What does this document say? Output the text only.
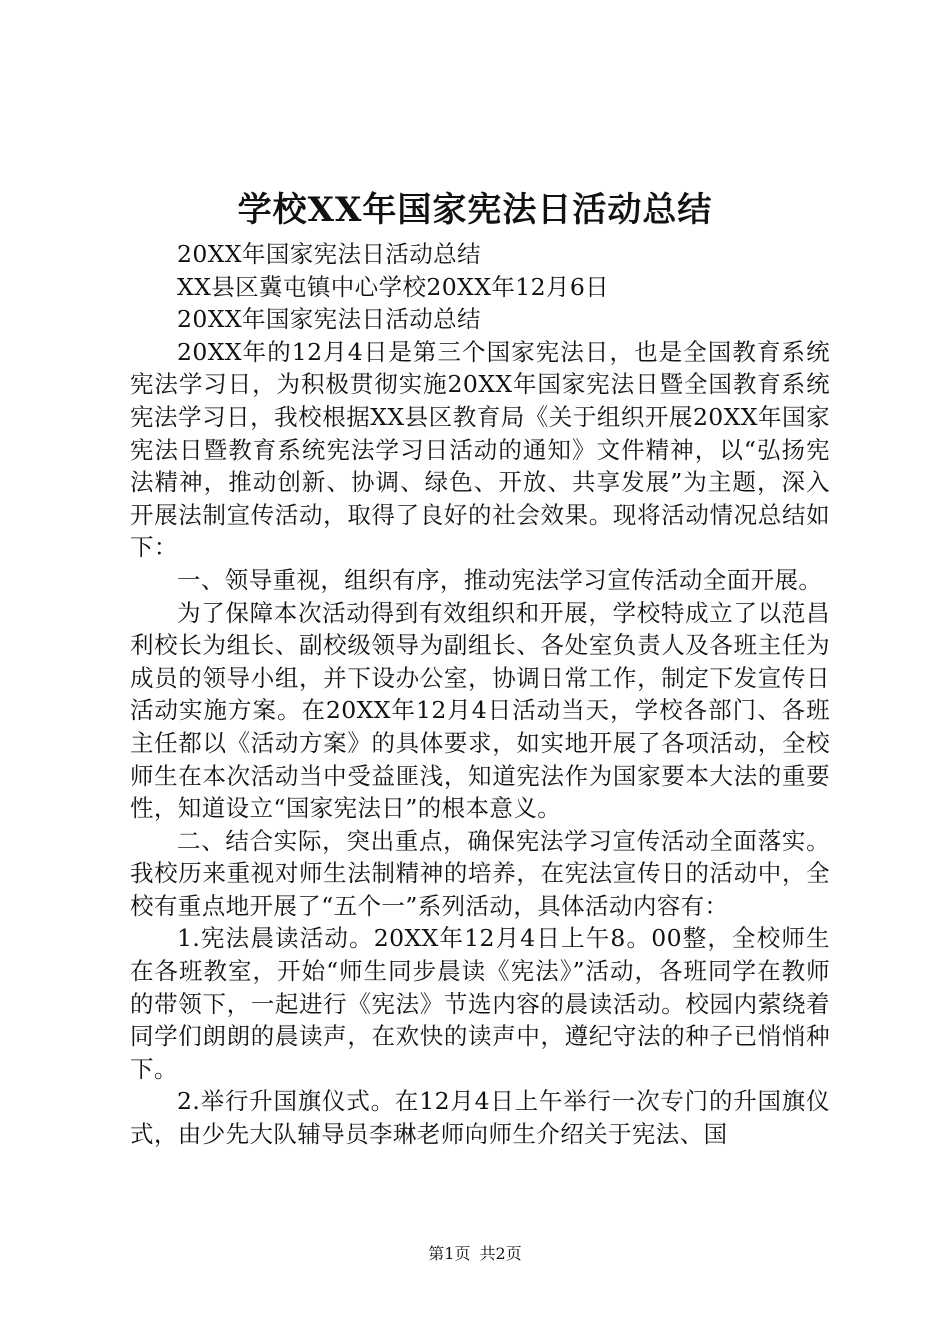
学校XX年国家宪法日活动总结

20XX年国家宪法日活动总结

XX县区冀屯镇中心学校20XX年12月6日

20XX年国家宪法日活动总结

20XX年的12月4日是第三个国家宪法日，也是全国教育系统宪法学习日，为积极贯彻实施20XX年国家宪法日暨全国教育系统宪法学习日，我校根据XX县区教育局《关于组织开展20XX年国家宪法日暨教育系统宪法学习日活动的通知》文件精神，以“弘扬宪法精神，推动创新、协调、绿色、开放、共享发展”为主题，深入开展法制宣传活动，取得了良好的社会效果。现将活动情况总结如下：

一、领导重视，组织有序，推动宪法学习宣传活动全面开展。

为了保障本次活动得到有效组织和开展，学校特成立了以范昌利校长为组长、副校级领导为副组长、各处室负责人及各班主任为成员的领导小组，并下设办公室，协调日常工作，制定下发宣传日活动实施方案。在20XX年12月4日活动当天，学校各部门、各班主任都以《活动方案》的具体要求，如实地开展了各项活动，全校师生在本次活动当中受益匪浅，知道宪法作为国家要本大法的重要性，知道设立“国家宪法日”的根本意义。

二、结合实际，突出重点，确保宪法学习宣传活动全面落实。我校历来重视对师生法制精神的培养，在宪法宣传日的活动中，全校有重点地开展了“五个一”系列活动，具体活动内容有：

1.宪法晨读活动。20XX年12月4日上午8。00整，全校师生在各班教室，开始“师生同步晨读《宪法》”活动，各班同学在教师的带领下，一起进行《宪法》节选内容的晨读活动。校园内萦绕着同学们朗朗的晨读声，在欢快的读声中，遵纪守法的种子已悄悄种下。

2.举行升国旗仪式。在12月4日上午举行一次专门的升国旗仪式，由少先大队辅导员李琳老师向师生介绍关于宪法、国

第1页 共2页
